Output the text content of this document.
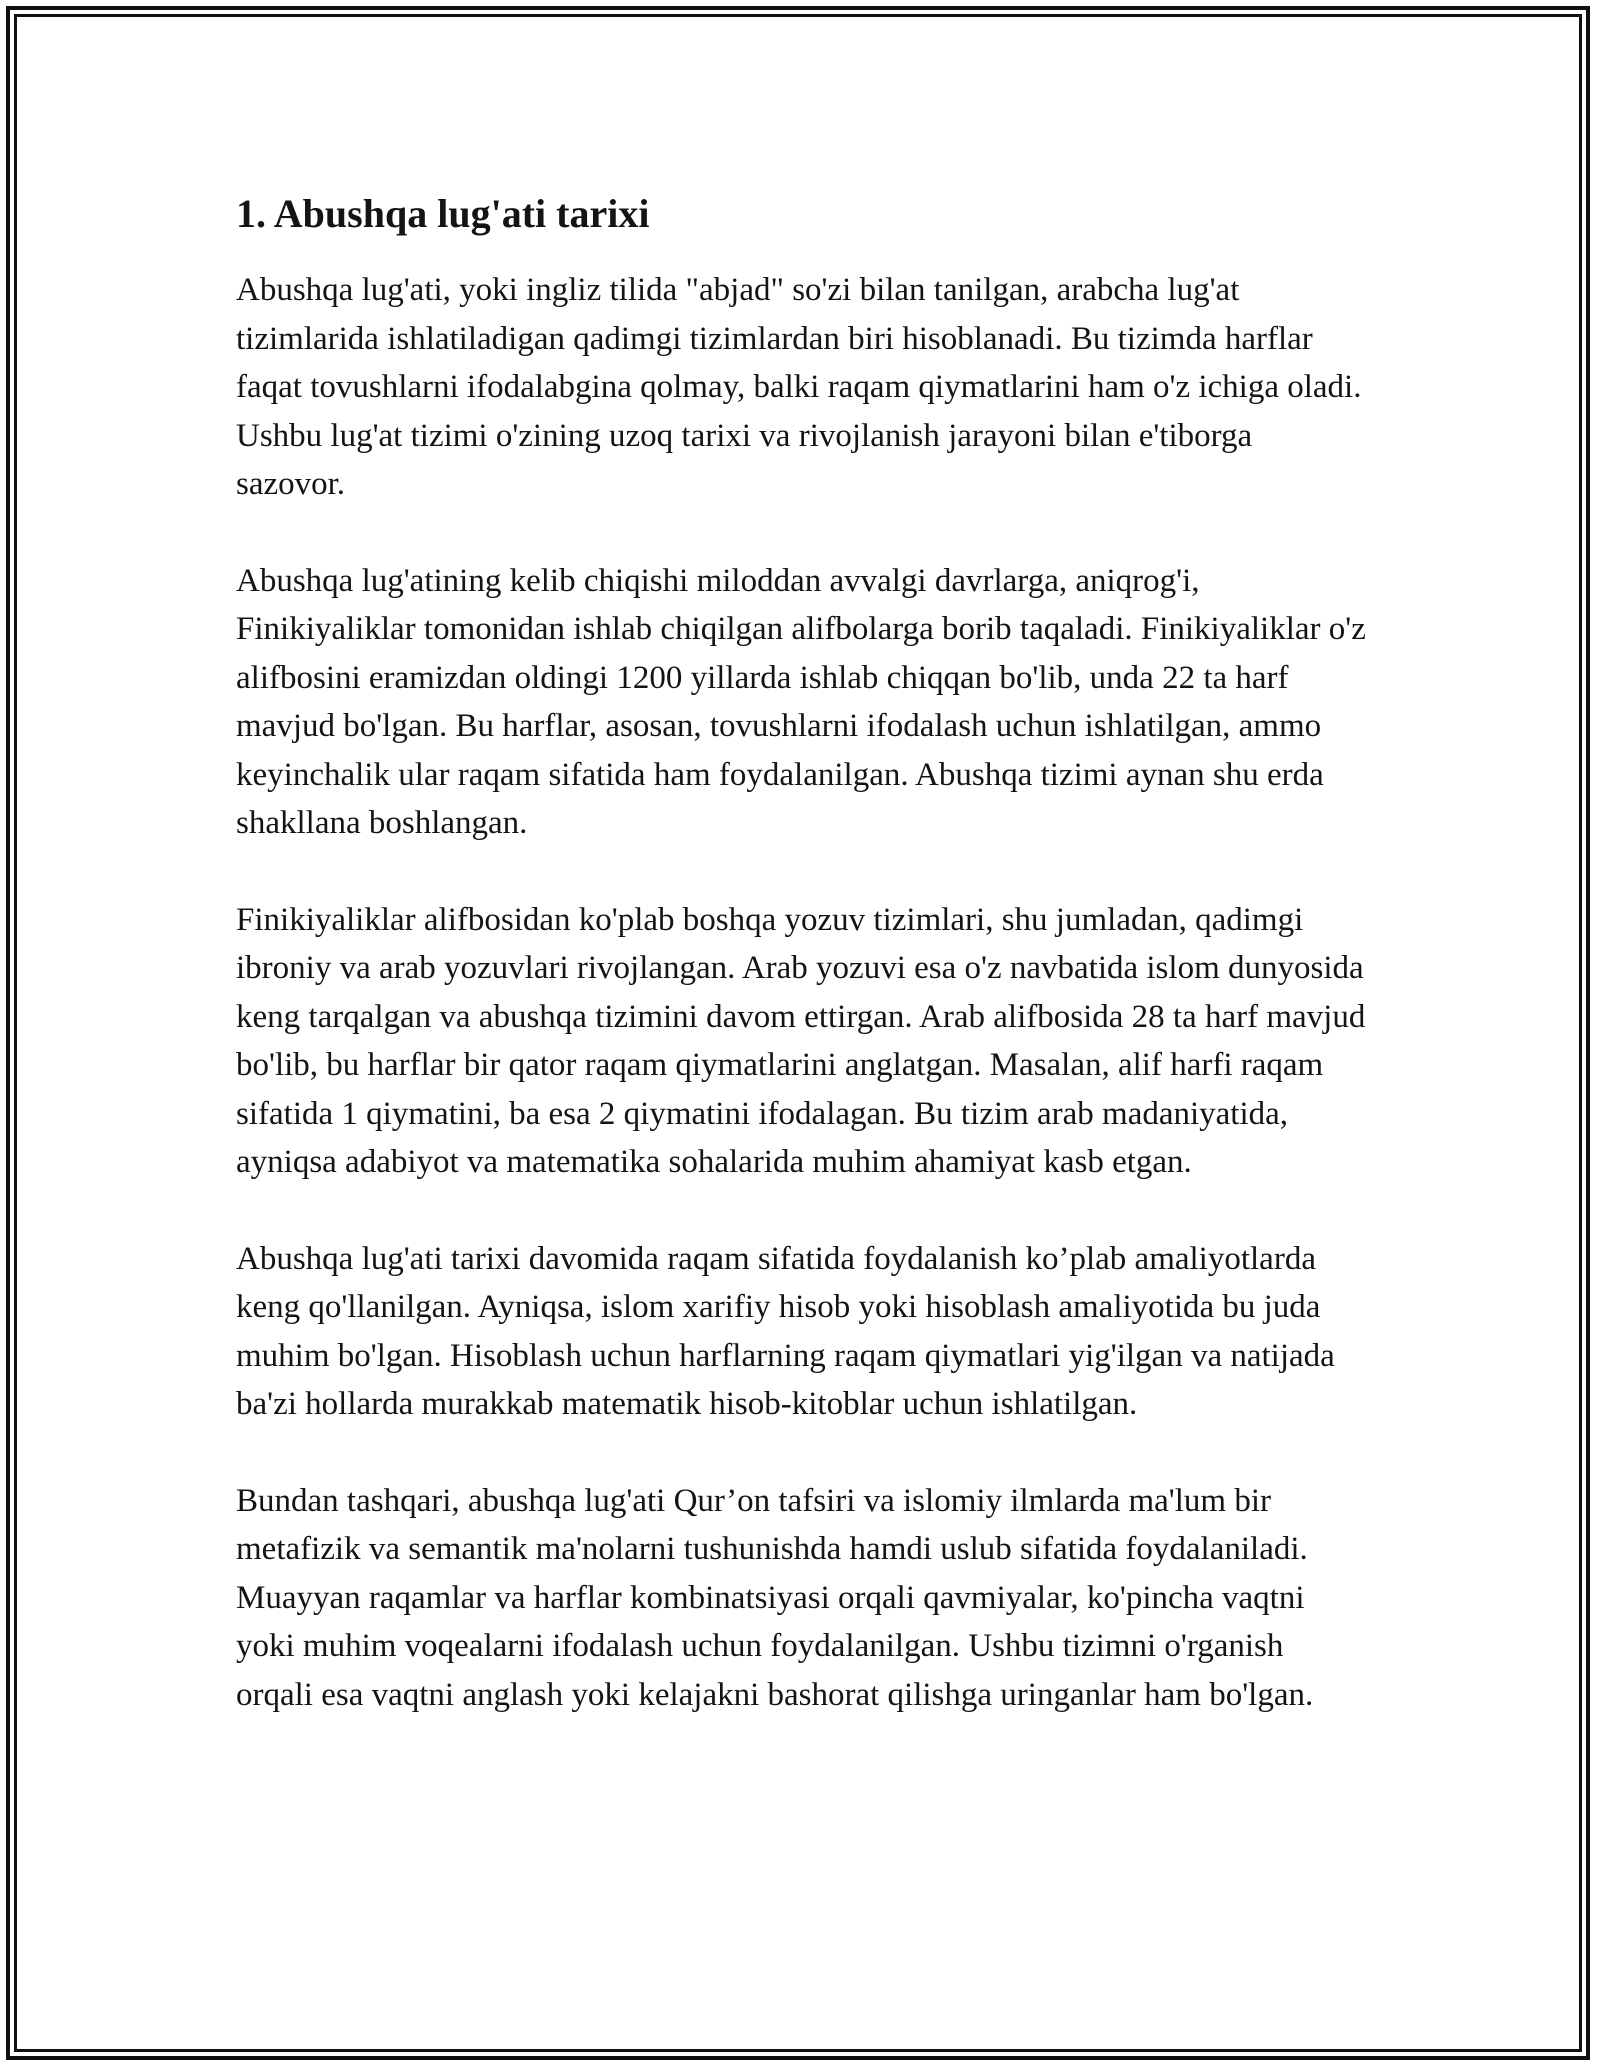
1. Abushqa lug'ati tarixi

Abushqa lug'ati, yoki ingliz tilida "abjad" so'zi bilan tanilgan, arabcha lug'at tizimlarida ishlatiladigan qadimgi tizimlardan biri hisoblanadi. Bu tizimda harflar faqat tovushlarni ifodalabgina qolmay, balki raqam qiymatlarini ham o'z ichiga oladi. Ushbu lug'at tizimi o'zining uzoq tarixi va rivojlanish jarayoni bilan e'tiborga sazovor.

Abushqa lug'atining kelib chiqishi miloddan avvalgi davrlarga, aniqrog'i, Finikiyaliklar tomonidan ishlab chiqilgan alifbolarga borib taqaladi. Finikiyaliklar o'z alifbosini eramizdan oldingi 1200 yillarda ishlab chiqqan bo'lib, unda 22 ta harf mavjud bo'lgan. Bu harflar, asosan, tovushlarni ifodalash uchun ishlatilgan, ammo keyinchalik ular raqam sifatida ham foydalanilgan. Abushqa tizimi aynan shu erda shakllana boshlangan.

Finikiyaliklar alifbosidan ko'plab boshqa yozuv tizimlari, shu jumladan, qadimgi ibroniy va arab yozuvlari rivojlangan. Arab yozuvi esa o'z navbatida islom dunyosida keng tarqalgan va abushqa tizimini davom ettirgan. Arab alifbosida 28 ta harf mavjud bo'lib, bu harflar bir qator raqam qiymatlarini anglatgan. Masalan, alif harfi raqam sifatida 1 qiymatini, ba esa 2 qiymatini ifodalagan. Bu tizim arab madaniyatida, ayniqsa adabiyot va matematika sohalarida muhim ahamiyat kasb etgan.

Abushqa lug'ati tarixi davomida raqam sifatida foydalanish ko’plab amaliyotlarda keng qo'llanilgan. Ayniqsa, islom xarifiy hisob yoki hisoblash amaliyotida bu juda muhim bo'lgan. Hisoblash uchun harflarning raqam qiymatlari yig'ilgan va natijada ba'zi hollarda murakkab matematik hisob-kitoblar uchun ishlatilgan.

Bundan tashqari, abushqa lug'ati Qur’on tafsiri va islomiy ilmlarda ma'lum bir metafizik va semantik ma'nolarni tushunishda hamdi uslub sifatida foydalaniladi. Muayyan raqamlar va harflar kombinatsiyasi orqali qavmiyalar, ko'pincha vaqtni yoki muhim voqealarni ifodalash uchun foydalanilgan. Ushbu tizimni o'rganish orqali esa vaqtni anglash yoki kelajakni bashorat qilishga uringanlar ham bo'lgan.
